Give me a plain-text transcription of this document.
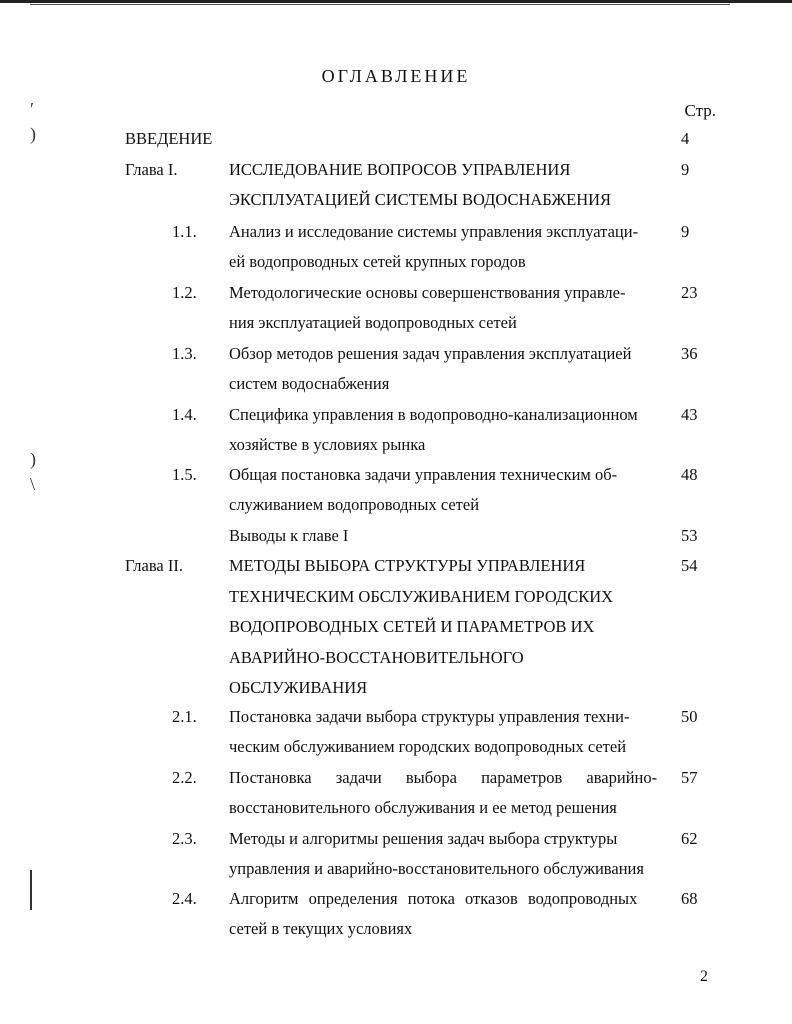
′
)
)
\
ОГЛАВЛЕНИЕ
Стр.
ВВЕДЕНИЕ	4
Глава I.	ИССЛЕДОВАНИЕ ВОПРОСОВ УПРАВЛЕНИЯ	9
ЭКСПЛУАТАЦИЕЙ СИСТЕМЫ ВОДОСНАБЖЕНИЯ
1.1. Анализ и исследование системы управления эксплуатаци-	9
ей водопроводных сетей крупных городов
1.2. Методологические основы совершенствования управле-	23
ния эксплуатацией водопроводных сетей
1.3. Обзор методов решения задач управления эксплуатацией	36
систем водоснабжения
1.4. Специфика управления в водопроводно-канализационном	43
хозяйстве в условиях рынка
1.5. Общая постановка задачи управления техническим об-	48
служиванием водопроводных сетей
Выводы к главе I	53
Глава II.	МЕТОДЫ ВЫБОРА СТРУКТУРЫ УПРАВЛЕНИЯ	54
ТЕХНИЧЕСКИМ ОБСЛУЖИВАНИЕМ ГОРОДСКИХ
ВОДОПРОВОДНЫХ СЕТЕЙ И ПАРАМЕТРОВ ИХ
АВАРИЙНО-ВОССТАНОВИТЕЛЬНОГО
ОБСЛУЖИВАНИЯ
2.1. Постановка задачи выбора структуры управления техни-	50
ческим обслуживанием городских водопроводных сетей
2.2. Постановка задачи выбора параметров аварийно-	57
восстановительного обслуживания и ее метод решения
2.3. Методы и алгоритмы решения задач выбора структуры	62
управления и аварийно-восстановительного обслуживания
2.4. Алгоритм определения потока отказов водопроводных	68
сетей в текущих условиях
2
